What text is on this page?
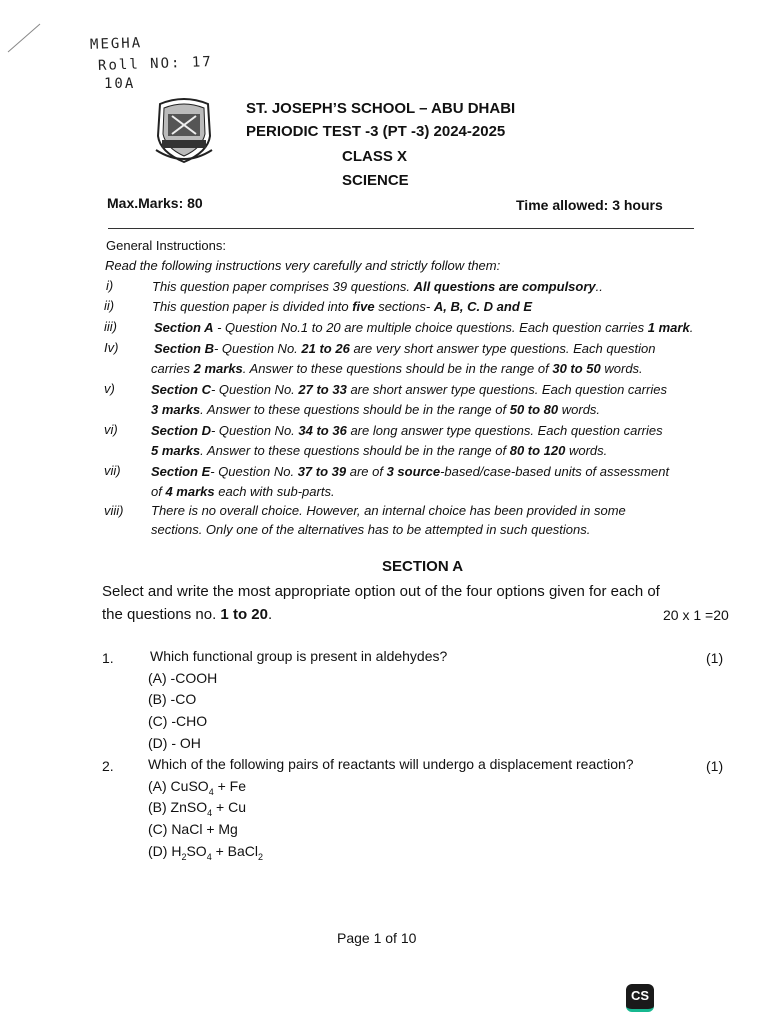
MEGHA
Roll NO: 17
10A
ST. JOSEPH’S SCHOOL – ABU DHABI
PERIODIC TEST -3 (PT -3) 2024-2025
CLASS X
SCIENCE
Max.Marks: 80	Time allowed: 3 hours
General Instructions:
Read the following instructions very carefully and strictly follow them:
i)	This question paper comprises 39 questions. All questions are compulsory..
ii)	This question paper is divided into five sections- A, B, C. D and E
iii)	Section A - Question No.1 to 20 are multiple choice questions. Each question carries 1 mark.
Iv)	Section B- Question No. 21 to 26 are very short answer type questions. Each question
carries 2 marks. Answer to these questions should be in the range of 30 to 50 words.
v)	Section C- Question No. 27 to 33 are short answer type questions. Each question carries
3 marks. Answer to these questions should be in the range of 50 to 80 words.
vi)	Section D- Question No. 34 to 36 are long answer type questions. Each question carries
5 marks. Answer to these questions should be in the range of 80 to 120 words.
vii)	Section E- Question No. 37 to 39 are of 3 source-based/case-based units of assessment
of 4 marks each with sub-parts.
viii)	There is no overall choice. However, an internal choice has been provided in some
sections. Only one of the alternatives has to be attempted in such questions.
SECTION A
Select and write the most appropriate option out of the four options given for each of
the questions no. 1 to 20.	20 x 1 =20
1.	Which functional group is present in aldehydes?	(1)
(A) -COOH
(B) -CO
(C) -CHO
(D) - OH
2. Which of the following pairs of reactants will undergo a displacement reaction?	(1)
(A) CuSO$_4$ + Fe
(B) ZnSO$_4$ + Cu
(C) NaCl + Mg
(D) $H_2SO_4$ + BaCl$_2$
Page 1 of 10
CS
